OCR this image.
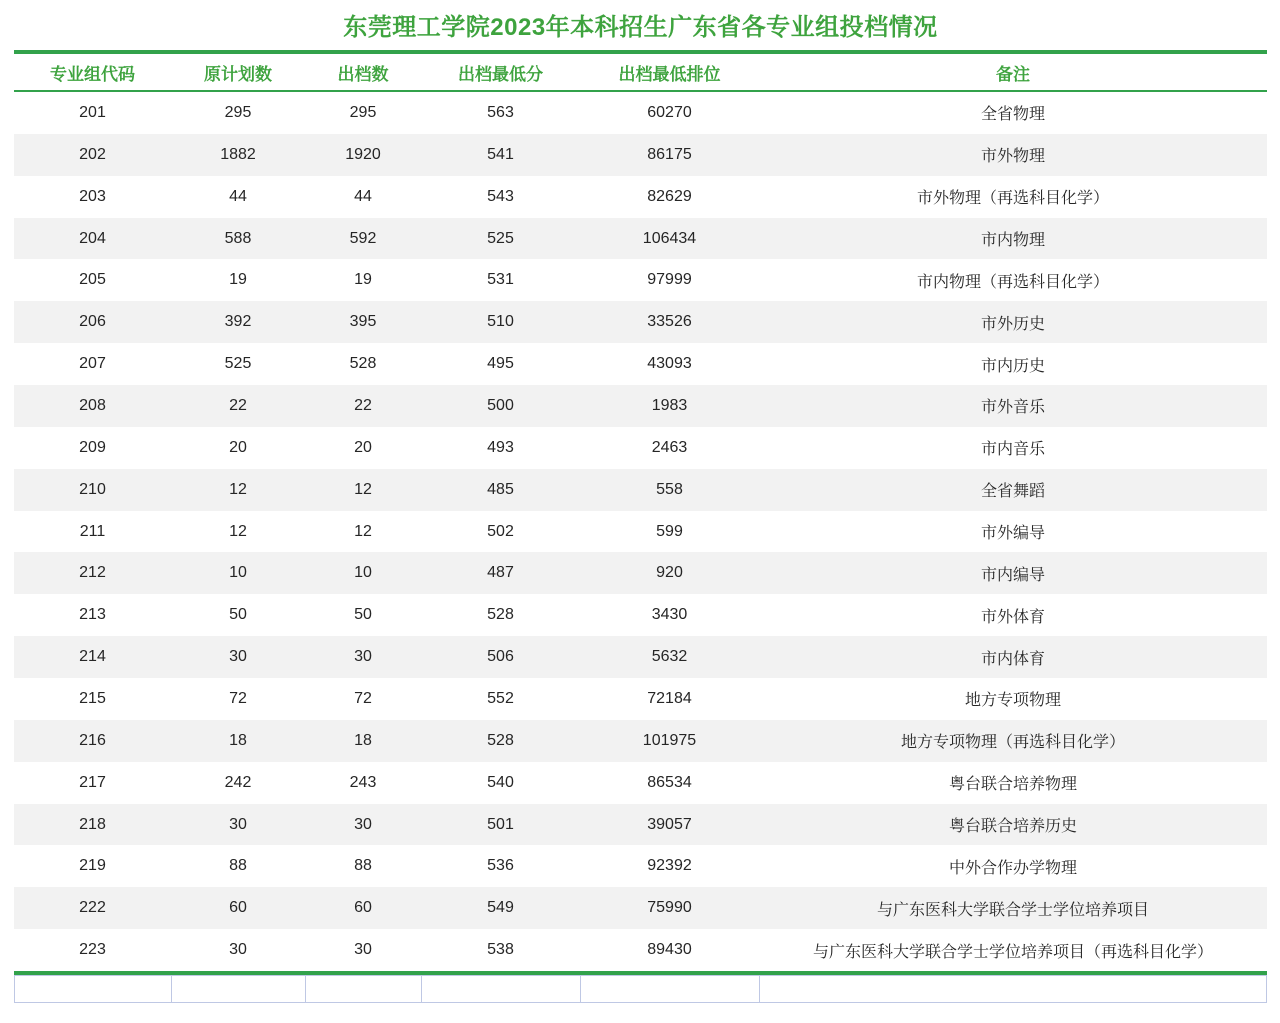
东莞理工学院2023年本科招生广东省各专业组投档情况
专业组代码	原计划数	出档数	出档最低分	出档最低排位	备注
201	295	295	563	60270	全省物理
202	1882	1920	541	86175	市外物理
203	44	44	543	82629	市外物理（再选科目化学）
204	588	592	525	106434	市内物理
205	19	19	531	97999	市内物理（再选科目化学）
206	392	395	510	33526	市外历史
207	525	528	495	43093	市内历史
208	22	22	500	1983	市外音乐
209	20	20	493	2463	市内音乐
210	12	12	485	558	全省舞蹈
211	12	12	502	599	市外编导
212	10	10	487	920	市内编导
213	50	50	528	3430	市外体育
214	30	30	506	5632	市内体育
215	72	72	552	72184	地方专项物理
216	18	18	528	101975	地方专项物理（再选科目化学）
217	242	243	540	86534	粤台联合培养物理
218	30	30	501	39057	粤台联合培养历史
219	88	88	536	92392	中外合作办学物理
222	60	60	549	75990	与广东医科大学联合学士学位培养项目
223	30	30	538	89430	与广东医科大学联合学士学位培养项目（再选科目化学）
